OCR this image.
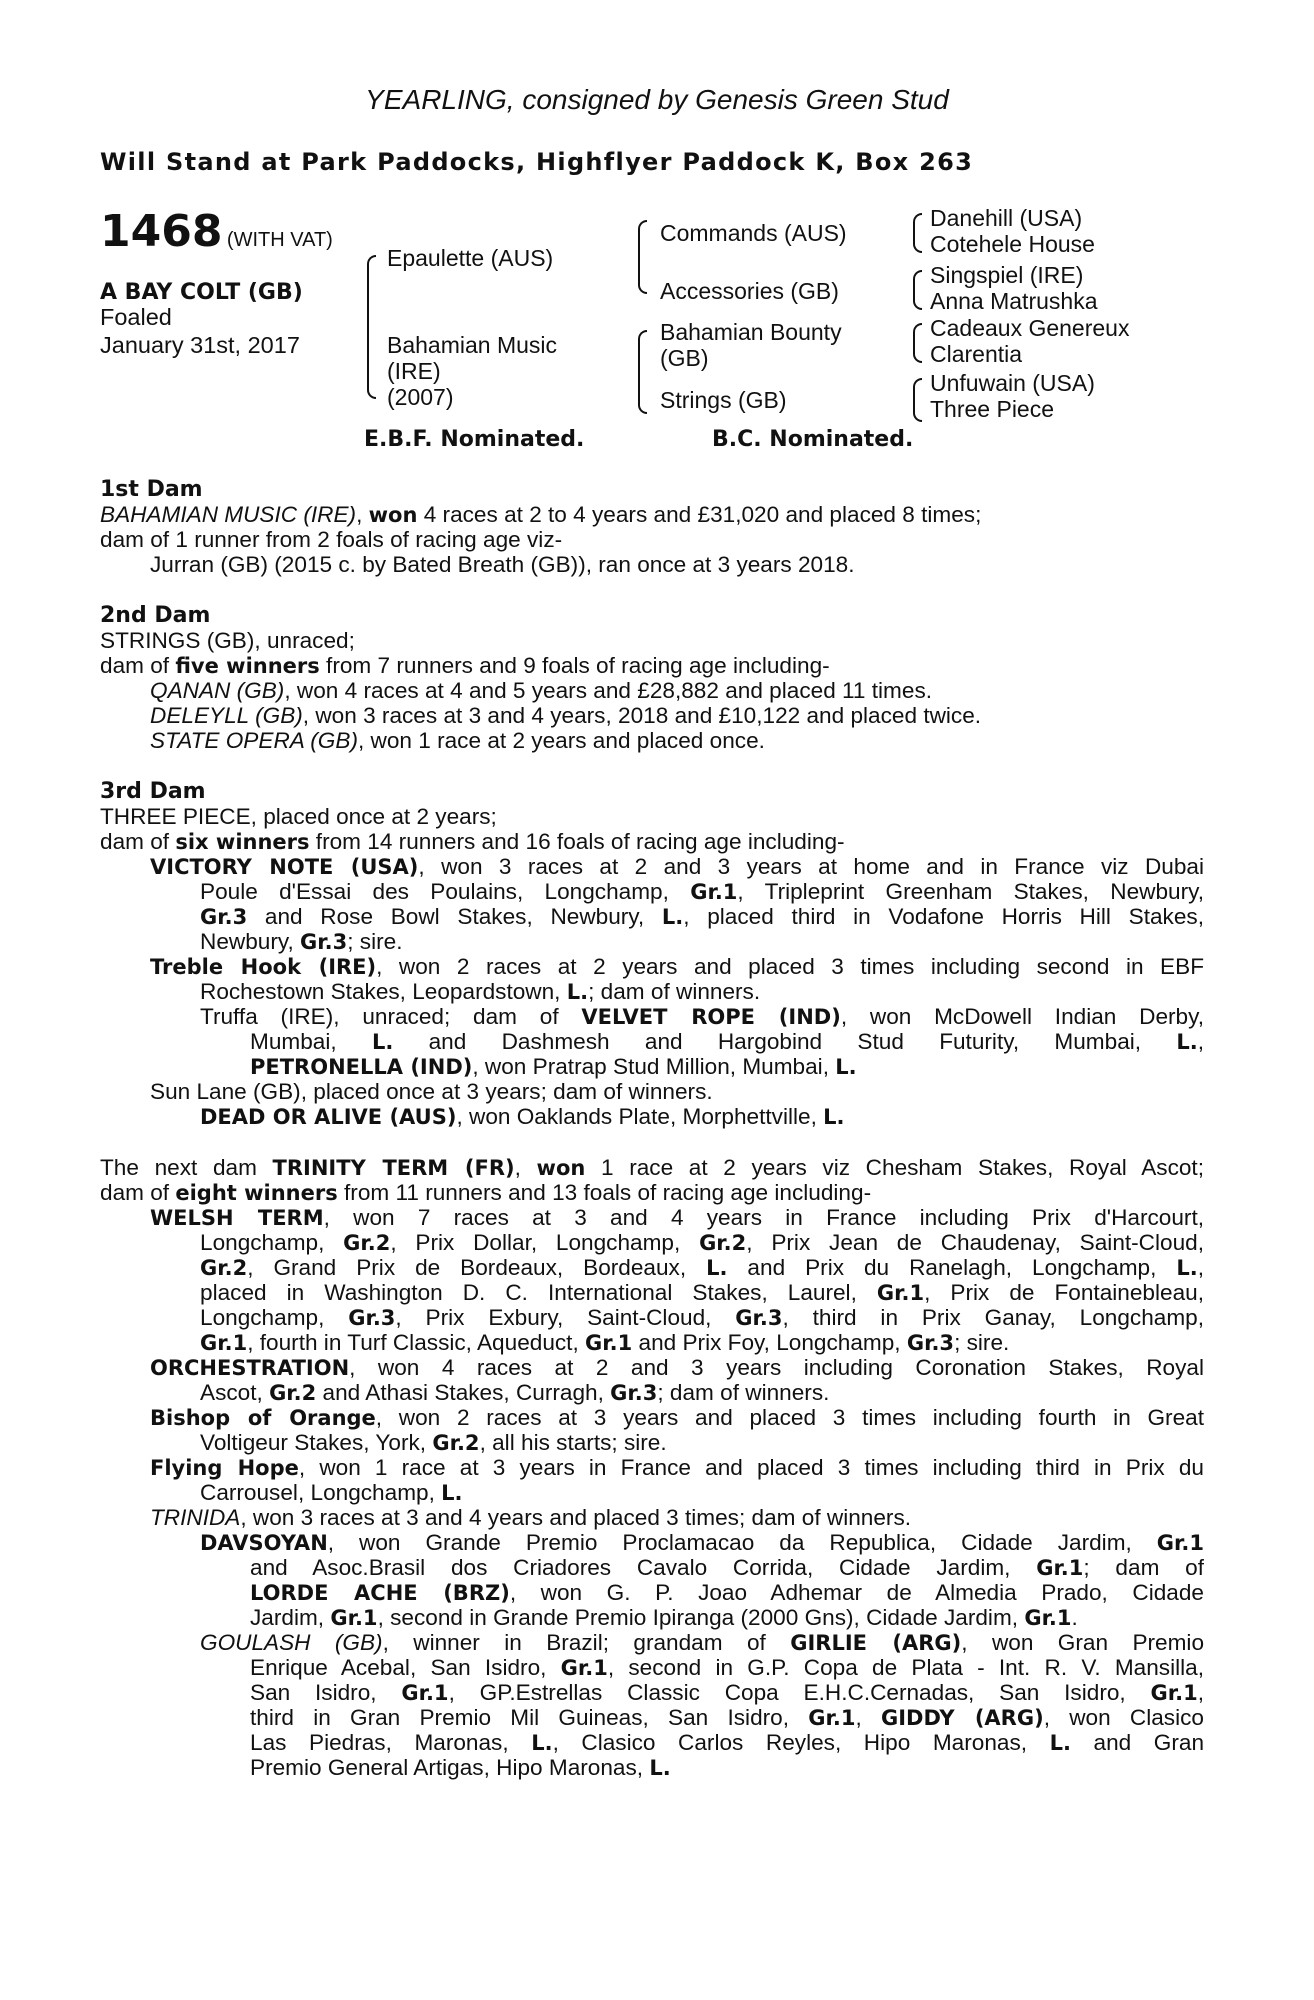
YEARLING, consigned by Genesis Green Stud
Will Stand at Park Paddocks, Highflyer Paddock K, Box 263
1468 (WITH VAT)
A BAY COLT (GB)
Foaled
January 31st, 2017
Epaulette (AUS)
Bahamian Music
(IRE)
(2007)
Commands (AUS)
Accessories (GB)
Bahamian Bounty
(GB)
Strings (GB)
Danehill (USA)
Cotehele House
Singspiel (IRE)
Anna Matrushka
Cadeaux Genereux
Clarentia
Unfuwain (USA)
Three Piece
E.B.F. Nominated.	B.C. Nominated.
1st Dam
BAHAMIAN MUSIC (IRE), won 4 races at 2 to 4 years and £31,020 and placed 8 times;
dam of 1 runner from 2 foals of racing age viz-
Jurran (GB) (2015 c. by Bated Breath (GB)), ran once at 3 years 2018.
2nd Dam
STRINGS (GB), unraced;
dam of five winners from 7 runners and 9 foals of racing age including-
QANAN (GB), won 4 races at 4 and 5 years and £28,882 and placed 11 times.
DELEYLL (GB), won 3 races at 3 and 4 years, 2018 and £10,122 and placed twice.
STATE OPERA (GB), won 1 race at 2 years and placed once.
3rd Dam
THREE PIECE, placed once at 2 years;
dam of six winners from 14 runners and 16 foals of racing age including-
VICTORY NOTE (USA), won 3 races at 2 and 3 years at home and in France viz Dubai
Poule d'Essai des Poulains, Longchamp, Gr.1, Tripleprint Greenham Stakes, Newbury,
Gr.3 and Rose Bowl Stakes, Newbury, L., placed third in Vodafone Horris Hill Stakes,
Newbury, Gr.3; sire.
Treble Hook (IRE), won 2 races at 2 years and placed 3 times including second in EBF
Rochestown Stakes, Leopardstown, L.; dam of winners.
Truffa (IRE), unraced; dam of VELVET ROPE (IND), won McDowell Indian Derby,
Mumbai, L. and Dashmesh and Hargobind Stud Futurity, Mumbai, L.,
PETRONELLA (IND), won Pratrap Stud Million, Mumbai, L.
Sun Lane (GB), placed once at 3 years; dam of winners.
DEAD OR ALIVE (AUS), won Oaklands Plate, Morphettville, L.
The next dam TRINITY TERM (FR), won 1 race at 2 years viz Chesham Stakes, Royal Ascot;
dam of eight winners from 11 runners and 13 foals of racing age including-
WELSH TERM, won 7 races at 3 and 4 years in France including Prix d'Harcourt,
Longchamp, Gr.2, Prix Dollar, Longchamp, Gr.2, Prix Jean de Chaudenay, Saint-Cloud,
Gr.2, Grand Prix de Bordeaux, Bordeaux, L. and Prix du Ranelagh, Longchamp, L.,
placed in Washington D. C. International Stakes, Laurel, Gr.1, Prix de Fontainebleau,
Longchamp, Gr.3, Prix Exbury, Saint-Cloud, Gr.3, third in Prix Ganay, Longchamp,
Gr.1, fourth in Turf Classic, Aqueduct, Gr.1 and Prix Foy, Longchamp, Gr.3; sire.
ORCHESTRATION, won 4 races at 2 and 3 years including Coronation Stakes, Royal
Ascot, Gr.2 and Athasi Stakes, Curragh, Gr.3; dam of winners.
Bishop of Orange, won 2 races at 3 years and placed 3 times including fourth in Great
Voltigeur Stakes, York, Gr.2, all his starts; sire.
Flying Hope, won 1 race at 3 years in France and placed 3 times including third in Prix du
Carrousel, Longchamp, L.
TRINIDA, won 3 races at 3 and 4 years and placed 3 times; dam of winners.
DAVSOYAN, won Grande Premio Proclamacao da Republica, Cidade Jardim, Gr.1
and Asoc.Brasil dos Criadores Cavalo Corrida, Cidade Jardim, Gr.1; dam of
LORDE ACHE (BRZ), won G. P. Joao Adhemar de Almedia Prado, Cidade
Jardim, Gr.1, second in Grande Premio Ipiranga (2000 Gns), Cidade Jardim, Gr.1.
GOULASH (GB), winner in Brazil; grandam of GIRLIE (ARG), won Gran Premio
Enrique Acebal, San Isidro, Gr.1, second in G.P. Copa de Plata - Int. R. V. Mansilla,
San Isidro, Gr.1, GP.Estrellas Classic Copa E.H.C.Cernadas, San Isidro, Gr.1,
third in Gran Premio Mil Guineas, San Isidro, Gr.1, GIDDY (ARG), won Clasico
Las Piedras, Maronas, L., Clasico Carlos Reyles, Hipo Maronas, L. and Gran
Premio General Artigas, Hipo Maronas, L.
